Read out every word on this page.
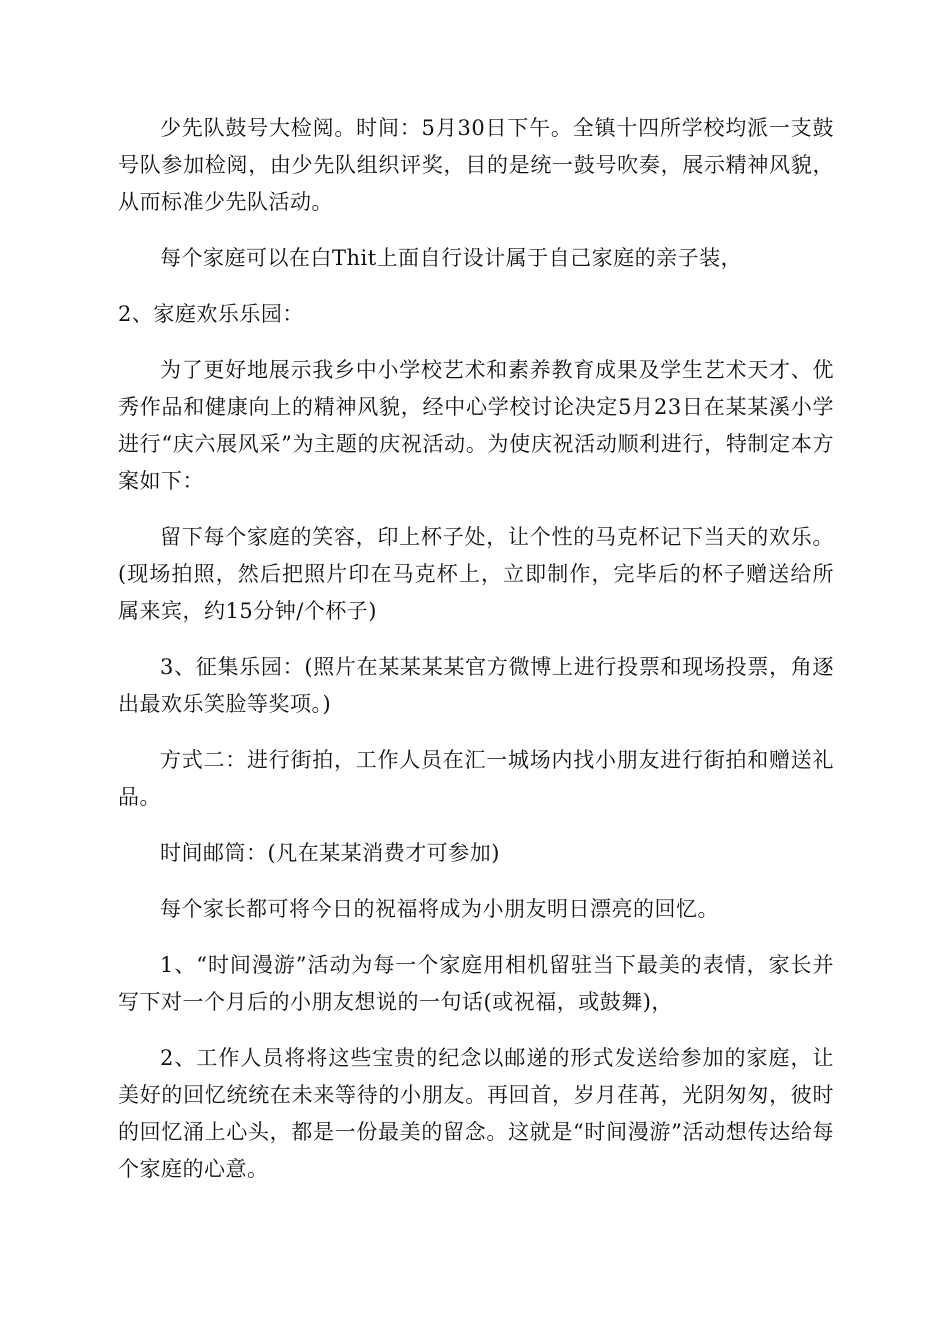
少先队鼓号大检阅。时间：5月30日下午。全镇十四所学校均派一支鼓号队参加检阅，由少先队组织评奖，目的是统一鼓号吹奏，展示精神风貌，从而标准少先队活动。

每个家庭可以在白Thit上面自行设计属于自己家庭的亲子装，

2、家庭欢乐乐园：

为了更好地展示我乡中小学校艺术和素养教育成果及学生艺术天才、优秀作品和健康向上的精神风貌，经中心学校讨论决定5月23日在某某溪小学进行“庆六展风采”为主题的庆祝活动。为使庆祝活动顺利进行，特制定本方案如下：

留下每个家庭的笑容，印上杯子处，让个性的马克杯记下当天的欢乐。(现场拍照，然后把照片印在马克杯上，立即制作，完毕后的杯子赠送给所属来宾，约15分钟/个杯子)

3、征集乐园：(照片在某某某某官方微博上进行投票和现场投票，角逐出最欢乐笑脸等奖项。)

方式二：进行街拍，工作人员在汇一城场内找小朋友进行街拍和赠送礼品。

时间邮筒：(凡在某某消费才可参加)

每个家长都可将今日的祝福将成为小朋友明日漂亮的回忆。

1、“时间漫游”活动为每一个家庭用相机留驻当下最美的表情，家长并写下对一个月后的小朋友想说的一句话(或祝福，或鼓舞)，

2、工作人员将将这些宝贵的纪念以邮递的形式发送给参加的家庭，让美好的回忆统统在未来等待的小朋友。再回首，岁月荏苒，光阴匆匆，彼时的回忆涌上心头，都是一份最美的留念。这就是“时间漫游”活动想传达给每个家庭的心意。
